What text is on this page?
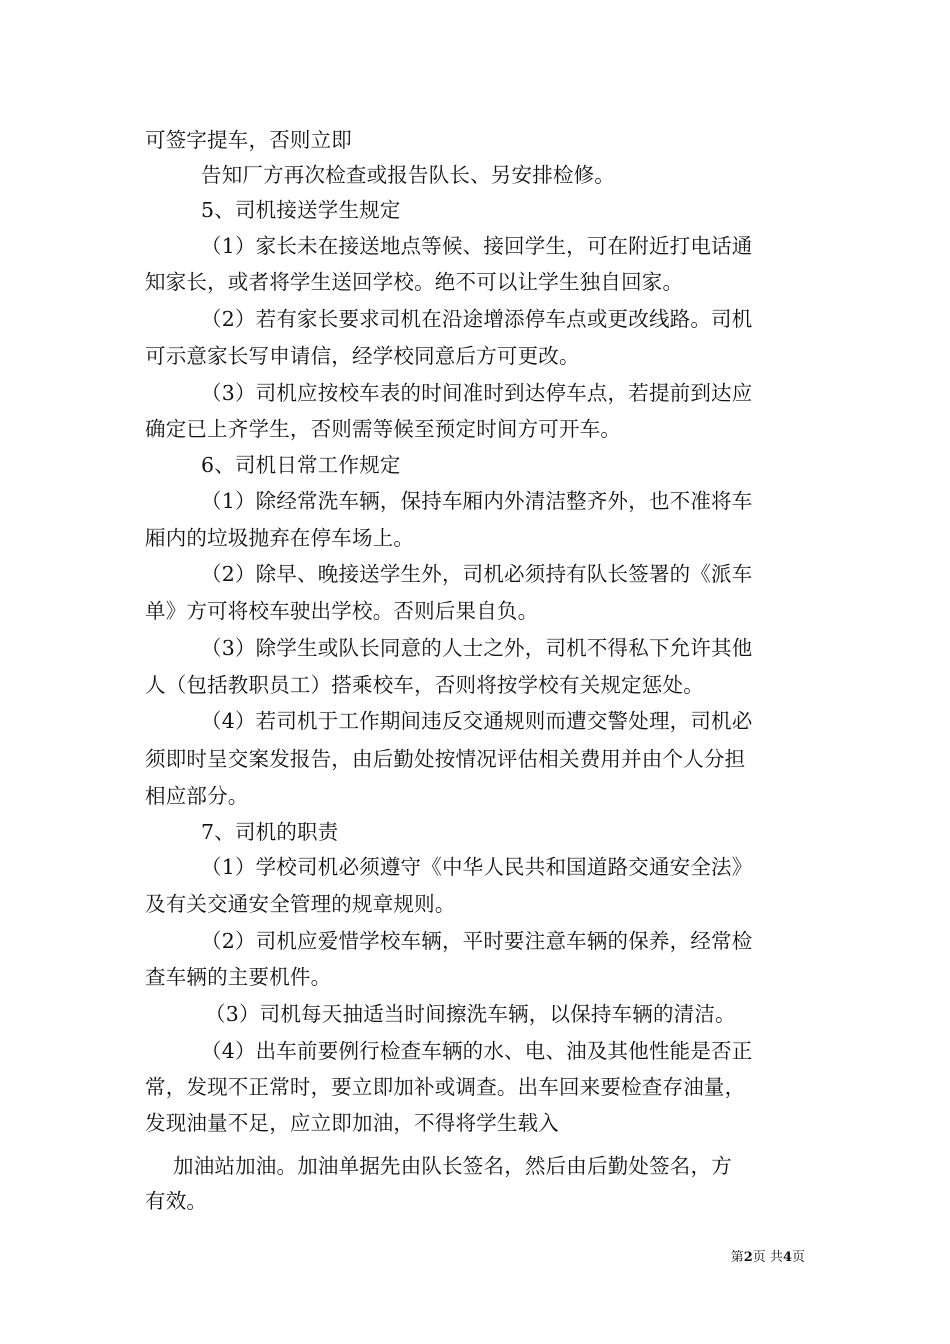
可签字提车，否则立即
告知厂方再次检查或报告队长、另安排检修。
5、司机接送学生规定
（1）家长未在接送地点等候、接回学生，可在附近打电话通
知家长，或者将学生送回学校。绝不可以让学生独自回家。
（2）若有家长要求司机在沿途增添停车点或更改线路。司机
可示意家长写申请信，经学校同意后方可更改。
（3）司机应按校车表的时间准时到达停车点，若提前到达应
确定已上齐学生，否则需等候至预定时间方可开车。
6、司机日常工作规定
（1）除经常洗车辆，保持车厢内外清洁整齐外，也不准将车
厢内的垃圾抛弃在停车场上。
（2）除早、晚接送学生外，司机必须持有队长签署的《派车
单》方可将校车驶出学校。否则后果自负。
（3）除学生或队长同意的人士之外，司机不得私下允许其他
人（包括教职员工）搭乘校车，否则将按学校有关规定惩处。
（4）若司机于工作期间违反交通规则而遭交警处理，司机必
须即时呈交案发报告，由后勤处按情况评估相关费用并由个人分担
相应部分。
7、司机的职责
（1）学校司机必须遵守《中华人民共和国道路交通安全法》
及有关交通安全管理的规章规则。
（2）司机应爱惜学校车辆，平时要注意车辆的保养，经常检
查车辆的主要机件。
（3）司机每天抽适当时间擦洗车辆，以保持车辆的清洁。
（4）出车前要例行检查车辆的水、电、油及其他性能是否正
常，发现不正常时，要立即加补或调查。出车回来要检查存油量，
发现油量不足，应立即加油，不得将学生载入
加油站加油。加油单据先由队长签名，然后由后勤处签名，方
有效。
第2页 共4页
